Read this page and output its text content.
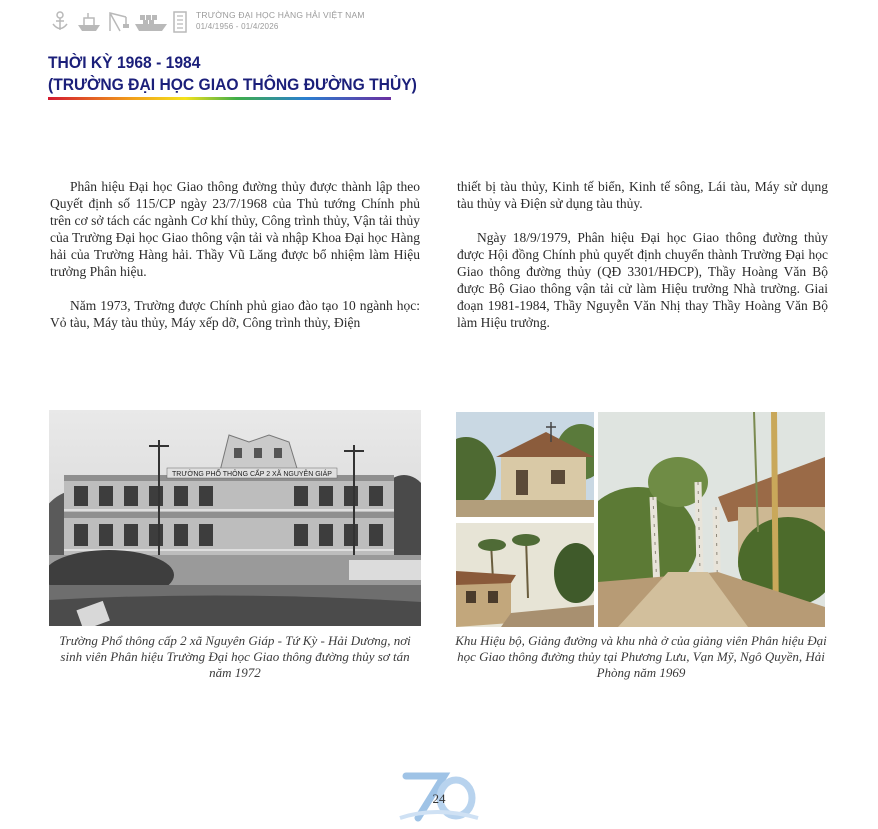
TRƯỜNG ĐẠI HỌC HÀNG HẢI VIỆT NAM
01/4/1956 - 01/4/2026
THỜI KỲ 1968 - 1984
(TRƯỜNG ĐẠI HỌC GIAO THÔNG ĐƯỜNG THỦY)

Phân hiệu Đại học Giao thông đường thủy được thành lập theo Quyết định số 115/CP ngày 23/7/1968 của Thủ tướng Chính phủ trên cơ sở tách các ngành Cơ khí thủy, Công trình thủy, Vận tải thủy của Trường Đại học Giao thông vận tải và nhập Khoa Đại học Hàng hải của Trường Hàng hải. Thầy Vũ Lăng được bổ nhiệm làm Hiệu trưởng Phân hiệu.

Năm 1973, Trường được Chính phủ giao đào tạo 10 ngành học: Vỏ tàu, Máy tàu thủy, Máy xếp dỡ, Công trình thủy, Điện

thiết bị tàu thủy, Kinh tế biển, Kinh tế sông, Lái tàu, Máy sử dụng tàu thủy và Điện sử dụng tàu thủy.

Ngày 18/9/1979, Phân hiệu Đại học Giao thông đường thủy được Hội đồng Chính phủ quyết định chuyển thành Trường Đại học Giao thông đường thủy (QĐ 3301/HĐCP), Thầy Hoàng Văn Bộ được Bộ Giao thông vận tải cử làm Hiệu trưởng Nhà trường. Giai đoạn 1981-1984, Thầy Nguyễn Văn Nhị thay Thầy Hoàng Văn Bộ làm Hiệu trưởng.

TRƯỜNG PHỔ THÔNG CẤP 2 XÃ NGUYÊN GIÁP
Trường Phổ thông cấp 2 xã Nguyên Giáp - Tứ Kỳ - Hải Dương, nơi sinh viên Phân hiệu Trường Đại học Giao thông đường thủy sơ tán năm 1972
Khu Hiệu bộ, Giảng đường và khu nhà ở của giảng viên Phân hiệu Đại học Giao thông đường thủy tại Phương Lưu, Vạn Mỹ, Ngô Quyền, Hải Phòng năm 1969
24
